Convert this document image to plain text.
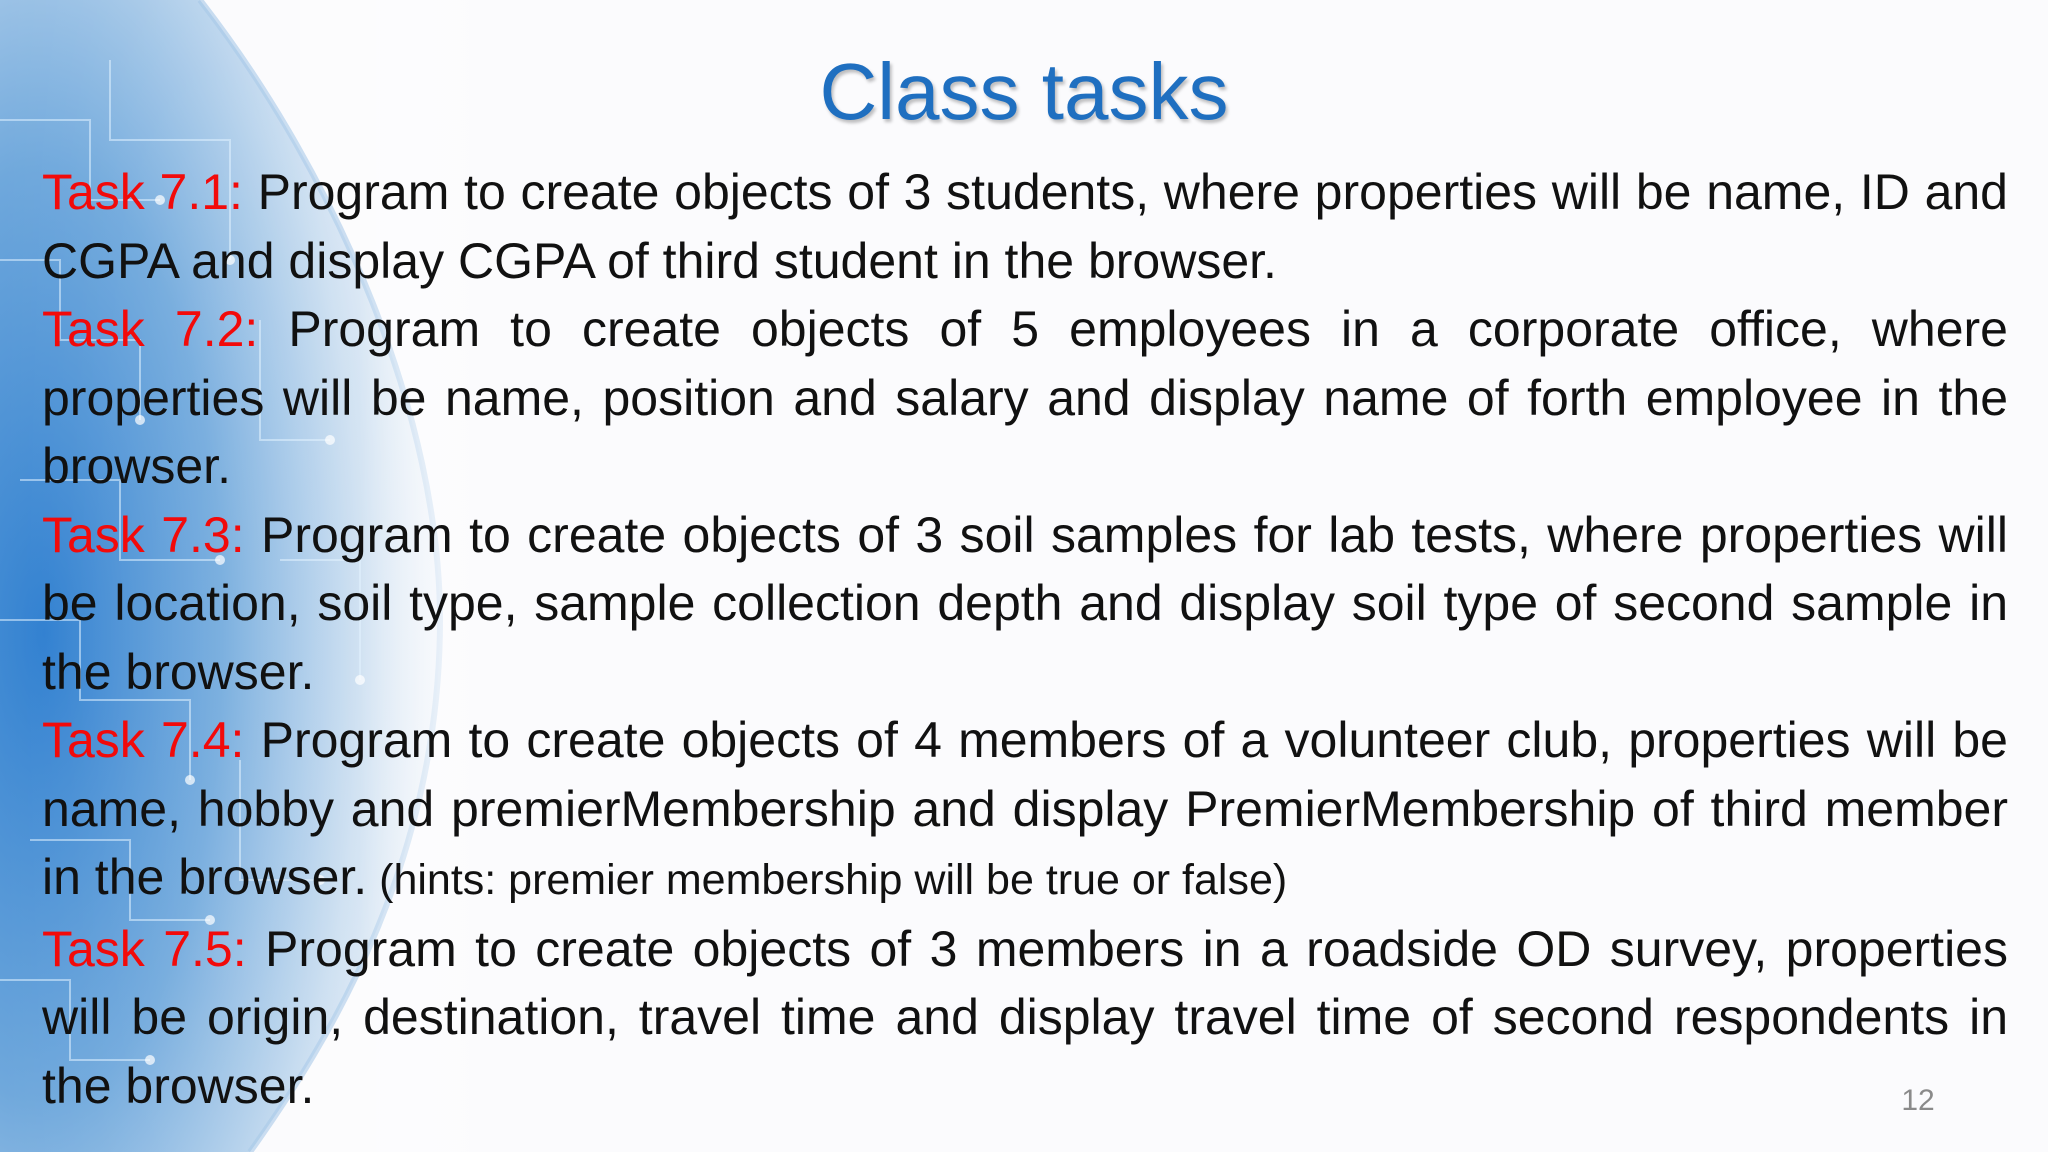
Class tasks

Task 7.1: Program to create objects of 3 students, where properties will be name, ID and CGPA and display CGPA of third student in the browser.

Task 7.2: Program to create objects of 5 employees in a corporate office, where properties will be name, position and salary and display name of forth employee in the browser.

Task 7.3: Program to create objects of 3 soil samples for lab tests, where properties will be location, soil type, sample collection depth and display soil type of second sample in the browser.

Task 7.4: Program to create objects of 4 members of a volunteer club, properties will be name, hobby and premierMembership and display PremierMembership of third member in the browser. (hints: premier membership will be true or false)

Task 7.5: Program to create objects of 3 members in a roadside OD survey, properties will be origin, destination, travel time and display travel time of second respondents in the browser.	12
